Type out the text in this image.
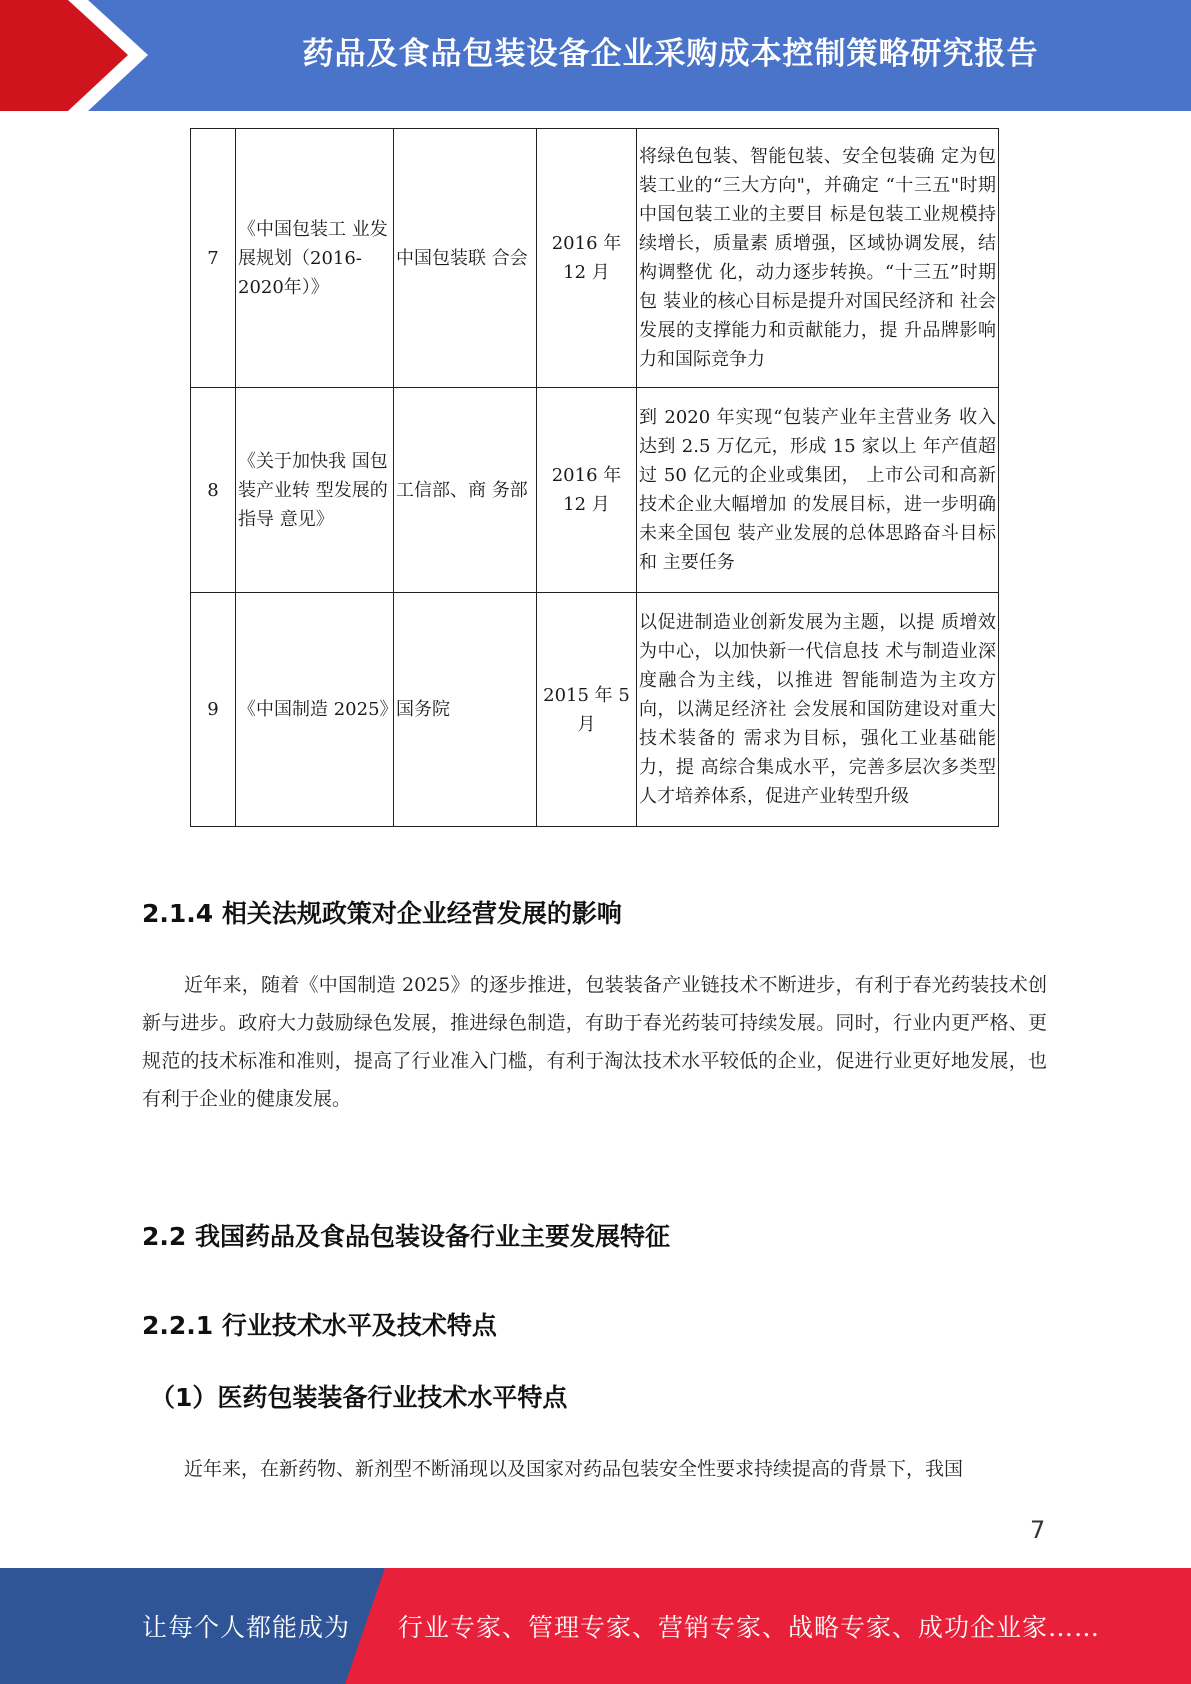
药品及食品包装设备企业采购成本控制策略研究报告
7	《中国包装工 业发展规划（2016-2020年）》	中国包装联 合会	2016 年 12 月	将绿色包装、智能包装、安全包装确 定为包装工业的“三大方向"，并确定 “十三五"时期中国包装工业的主要目 标是包装工业规模持续增长，质量素 质增强，区域协调发展，结构调整优 化，动力逐步转换。“十三五”时期包 装业的核心目标是提升对国民经济和 社会发展的支撑能力和贡献能力，提 升品牌影响力和国际竞争力
8	《关于加快我 国包装产业转 型发展的指导 意见》	工信部、商 务部	2016 年 12 月	到 2020 年实现“包装产业年主营业务 收入达到 2.5 万亿元，形成 15 家以上 年产值超过 50 亿元的企业或集团， 上市公司和高新技术企业大幅增加 的发展目标，进一步明确未来全国包 装产业发展的总体思路奋斗目标和 主要任务
9	《中国制造 2025》	国务院	2015 年 5 月	以促进制造业创新发展为主题，以提 质增效为中心，以加快新一代信息技 术与制造业深度融合为主线，以推进 智能制造为主攻方向，以满足经济社 会发展和国防建设对重大技术装备的 需求为目标，强化工业基础能力，提 高综合集成水平，完善多层次多类型 人才培养体系，促进产业转型升级
2.1.4 相关法规政策对企业经营发展的影响
近年来，随着《中国制造 2025》的逐步推进，包装装备产业链技术不断进步，有利于春光药装技术创新与进步。政府大力鼓励绿色发展，推进绿色制造，有助于春光药装可持续发展。同时，行业内更严格、更规范的技术标准和准则，提高了行业准入门槛，有利于淘汰技术水平较低的企业，促进行业更好地发展，也有利于企业的健康发展。
2.2 我国药品及食品包装设备行业主要发展特征
2.2.1 行业技术水平及技术特点
（1）医药包装装备行业技术水平特点
近年来，在新药物、新剂型不断涌现以及国家对药品包装安全性要求持续提高的背景下，我国
7
让每个人都能成为 行业专家、管理专家、营销专家、战略专家、成功企业家……
